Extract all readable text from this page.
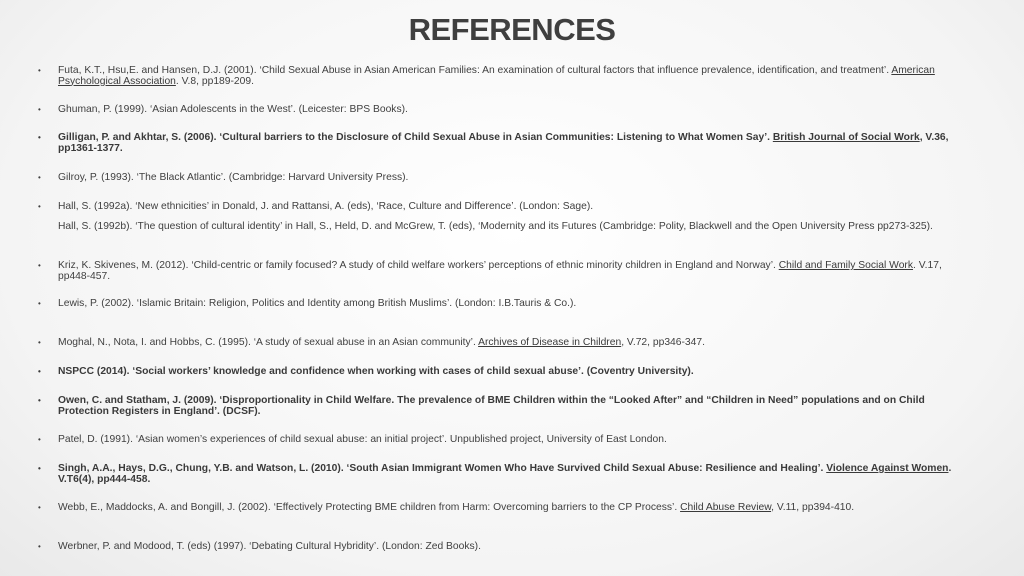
REFERENCES
• Futa, K.T., Hsu,E. and Hansen, D.J. (2001). ‘Child Sexual Abuse in Asian American Families: An examination of cultural factors that influence prevalence, identification, and treatment’. American Psychological Association. V.8, pp189-209.
• Ghuman, P. (1999). ‘Asian Adolescents in the West’. (Leicester: BPS Books).
• Gilligan, P. and Akhtar, S. (2006). ‘Cultural barriers to the Disclosure of Child Sexual Abuse in Asian Communities: Listening to What Women Say’. British Journal of Social Work, V.36, pp1361-1377.
• Gilroy, P. (1993). ‘The Black Atlantic’. (Cambridge: Harvard University Press).
• Hall, S. (1992a). ‘New ethnicities’ in Donald, J. and Rattansi, A. (eds), ‘Race, Culture and Difference’. (London: Sage).
Hall, S. (1992b). ‘The question of cultural identity’ in Hall, S., Held, D. and McGrew, T. (eds), ‘Modernity and its Futures (Cambridge: Polity, Blackwell and the Open University Press pp273-325).
• Kriz, K. Skivenes, M. (2012). ‘Child-centric or family focused? A study of child welfare workers’ perceptions of ethnic minority children in England and Norway’. Child and Family Social Work. V.17, pp448-457.
• Lewis, P. (2002). ‘Islamic Britain: Religion, Politics and Identity among British Muslims’. (London: I.B.Tauris & Co.).
• Moghal, N., Nota, I. and Hobbs, C. (1995). ‘A study of sexual abuse in an Asian community’. Archives of Disease in Children, V.72, pp346-347.
• NSPCC (2014). ‘Social workers’ knowledge and confidence when working with cases of child sexual abuse’. (Coventry University).
• Owen, C. and Statham, J. (2009). ‘Disproportionality in Child Welfare. The prevalence of BME Children within the “Looked After” and “Children in Need” populations and on Child Protection Registers in England’. (DCSF).
• Patel, D. (1991). ‘Asian women’s experiences of child sexual abuse: an initial project’. Unpublished project, University of East London.
• Singh, A.A., Hays, D.G., Chung, Y.B. and Watson, L. (2010). ‘South Asian Immigrant Women Who Have Survived Child Sexual Abuse: Resilience and Healing’. Violence Against Women. V.T6(4), pp444-458.
• Webb, E., Maddocks, A. and Bongill, J. (2002). ‘Effectively Protecting BME children from Harm: Overcoming barriers to the CP Process’. Child Abuse Review, V.11, pp394-410.
• Werbner, P. and Modood, T. (eds) (1997). ‘Debating Cultural Hybridity’. (London: Zed Books).
